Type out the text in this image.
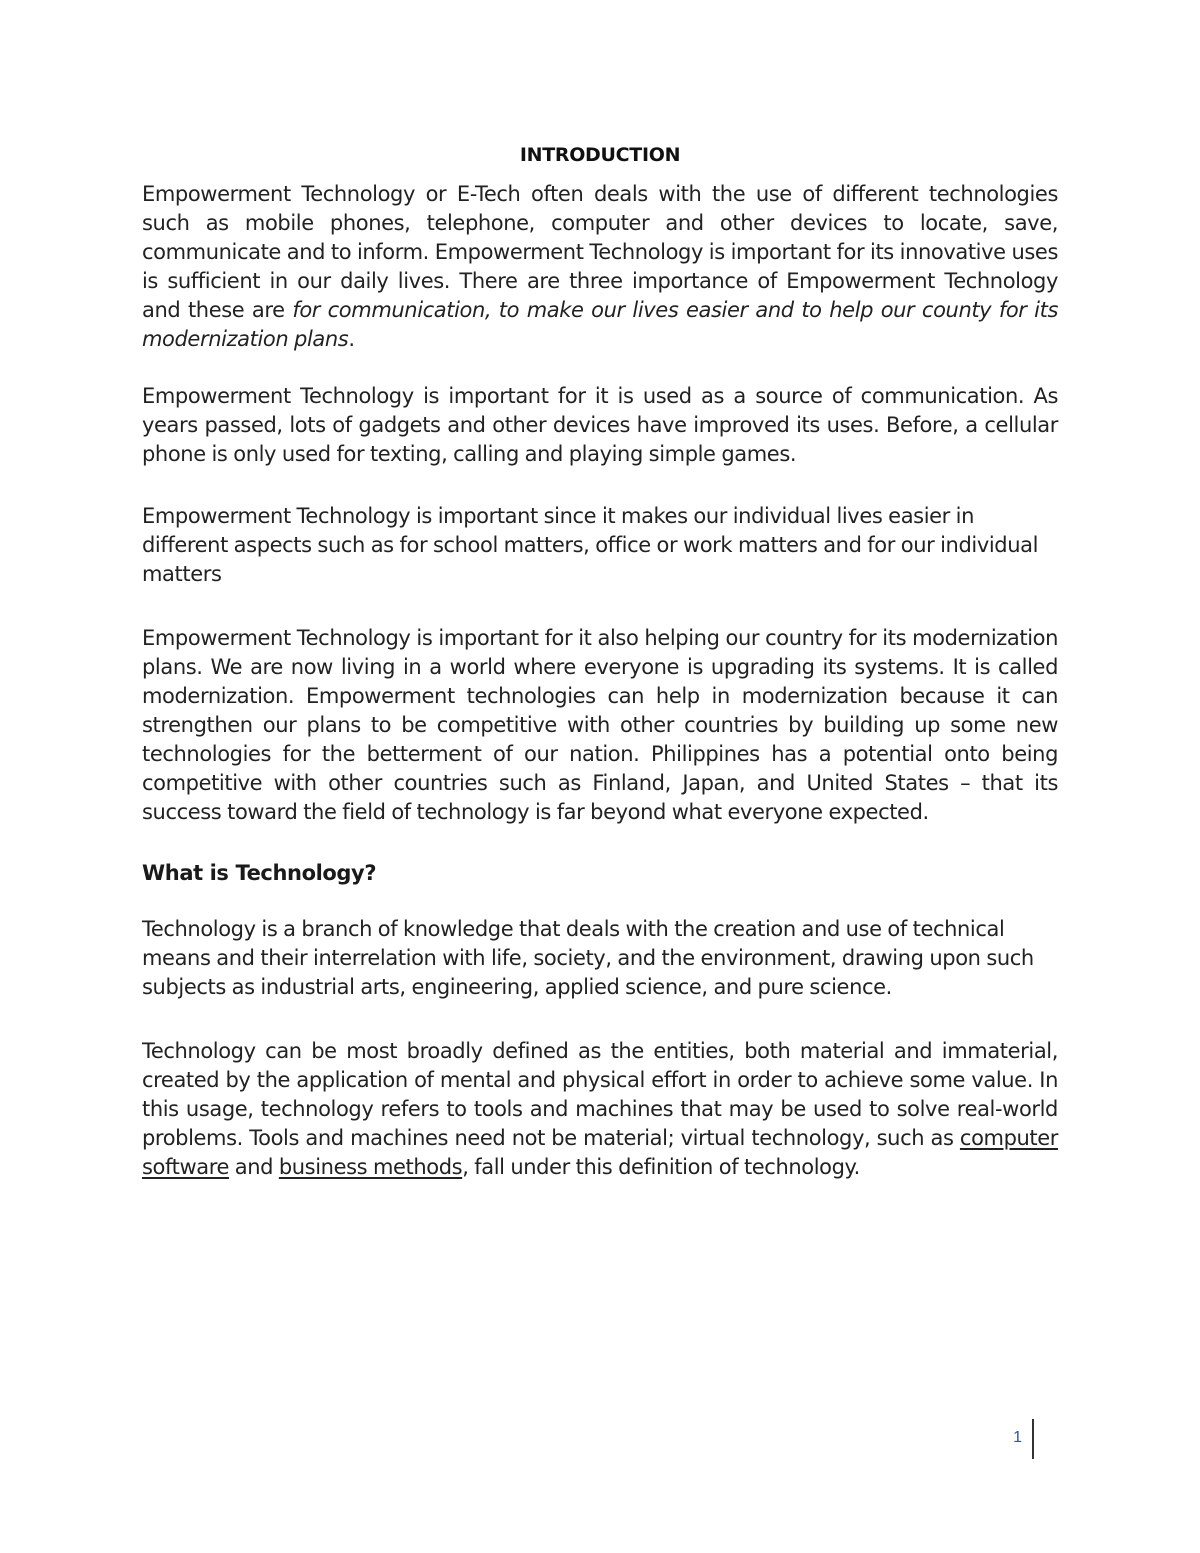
INTRODUCTION

Empowerment Technology or E-Tech often deals with the use of different technologies such as mobile phones, telephone, computer and other devices to locate, save, communicate and to inform. Empowerment Technology is important for its innovative uses is sufficient in our daily lives. There are three importance of Empowerment Technology and these are for communication, to make our lives easier and to help our county for its modernization plans.

Empowerment Technology is important for it is used as a source of communication. As years passed, lots of gadgets and other devices have improved its uses. Before, a cellular phone is only used for texting, calling and playing simple games.

Empowerment Technology is important since it makes our individual lives easier in different aspects such as for school matters, office or work matters and for our individual matters

Empowerment Technology is important for it also helping our country for its modernization plans. We are now living in a world where everyone is upgrading its systems. It is called modernization. Empowerment technologies can help in modernization because it can strengthen our plans to be competitive with other countries by building up some new technologies for the betterment of our nation. Philippines has a potential onto being competitive with other countries such as Finland, Japan, and United States – that its success toward the field of technology is far beyond what everyone expected.

What is Technology?

Technology is a branch of knowledge that deals with the creation and use of technical means and their interrelation with life, society, and the environment, drawing upon such subjects as industrial arts, engineering, applied science, and pure science.

Technology can be most broadly defined as the entities, both material and immaterial, created by the application of mental and physical effort in order to achieve some value. In this usage, technology refers to tools and machines that may be used to solve real-world problems. Tools and machines need not be material; virtual technology, such as computer software and business methods, fall under this definition of technology.

1
